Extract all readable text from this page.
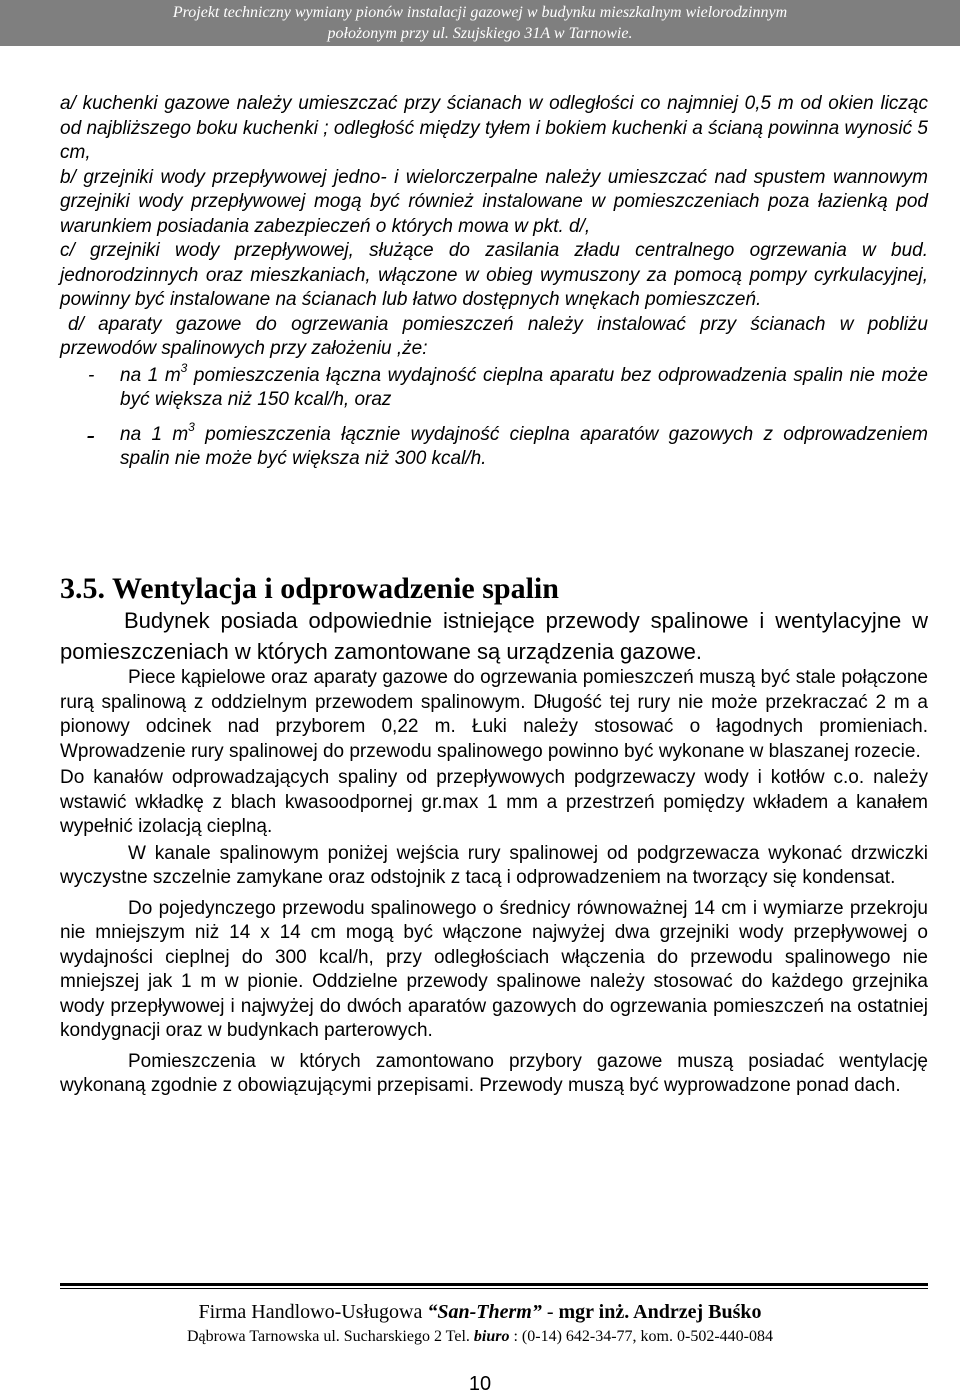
Projekt techniczny wymiany pionów instalacji gazowej w budynku mieszkalnym wielorodzinnym
położonym przy ul. Szujskiego 31A w Tarnowie.

a/ kuchenki gazowe należy umieszczać przy ścianach w odległości co najmniej 0,5 m od okien licząc od najbliższego boku kuchenki ; odległość między tyłem i bokiem kuchenki a ścianą powinna wynosić 5 cm,

b/ grzejniki wody przepływowej jedno- i wielorczerpalne należy umieszczać nad spustem wannowym grzejniki wody przepływowej mogą być również instalowane w pomieszczeniach poza łazienką pod warunkiem posiadania zabezpieczeń o których mowa w pkt. d/,

c/ grzejniki wody przepływowej, służące do zasilania zładu centralnego ogrzewania w bud. jednorodzinnych oraz mieszkaniach, włączone w obieg wymuszony za pomocą pompy cyrkulacyjnej, powinny być instalowane na ścianach lub łatwo dostępnych wnękach pomieszczeń.

d/ aparaty gazowe do ogrzewania pomieszczeń należy instalować przy ścianach w pobliżu przewodów spalinowych przy założeniu ,że:

- na 1 $m^3$ pomieszczenia łączna wydajność cieplna aparatu bez odprowadzenia spalin nie może być większa niż 150 kcal/h, oraz

- na 1 $m^3$ pomieszczenia łącznie wydajność cieplna aparatów gazowych z odprowadzeniem spalin nie może być większa niż 300 kcal/h.

3.5. Wentylacja i odprowadzenie spalin

Budynek posiada odpowiednie istniejące przewody spalinowe i wentylacyjne w pomieszczeniach w których zamontowane są urządzenia gazowe.

Piece kąpielowe oraz aparaty gazowe do ogrzewania pomieszczeń muszą być stale połączone rurą spalinową z oddzielnym przewodem spalinowym. Długość tej rury nie może przekraczać 2 m a pionowy odcinek nad przyborem 0,22 m. Łuki należy stosować o łagodnych promieniach. Wprowadzenie rury spalinowej do przewodu spalinowego powinno być wykonane w blaszanej rozecie.

Do kanałów odprowadzających spaliny od przepływowych podgrzewaczy wody i kotłów c.o. należy wstawić wkładkę z blach kwasoodpornej gr.max 1 mm a przestrzeń pomiędzy wkładem a kanałem wypełnić izolacją cieplną.

W kanale spalinowym poniżej wejścia rury spalinowej od podgrzewacza wykonać drzwiczki wyczystne szczelnie zamykane oraz odstojnik z tacą i odprowadzeniem na tworzący się kondensat.

Do pojedynczego przewodu spalinowego o średnicy równoważnej 14 cm i wymiarze przekroju nie mniejszym niż 14 x 14 cm mogą być włączone najwyżej dwa grzejniki wody przepływowej o wydajności cieplnej do 300 kcal/h, przy odległościach włączenia do przewodu spalinowego nie mniejszej jak 1 m w pionie. Oddzielne przewody spalinowe należy stosować do każdego grzejnika wody przepływowej i najwyżej do dwóch aparatów gazowych do ogrzewania pomieszczeń na ostatniej kondygnacji oraz w budynkach parterowych.

Pomieszczenia w których zamontowano przybory gazowe muszą posiadać wentylację wykonaną zgodnie z obowiązującymi przepisami. Przewody muszą być wyprowadzone ponad dach.

Firma Handlowo-Usługowa “San-Therm” - mgr inż. Andrzej Buśko
Dąbrowa Tarnowska ul. Sucharskiego 2 Tel. biuro : (0-14) 642-34-77, kom. 0-502-440-084
10
